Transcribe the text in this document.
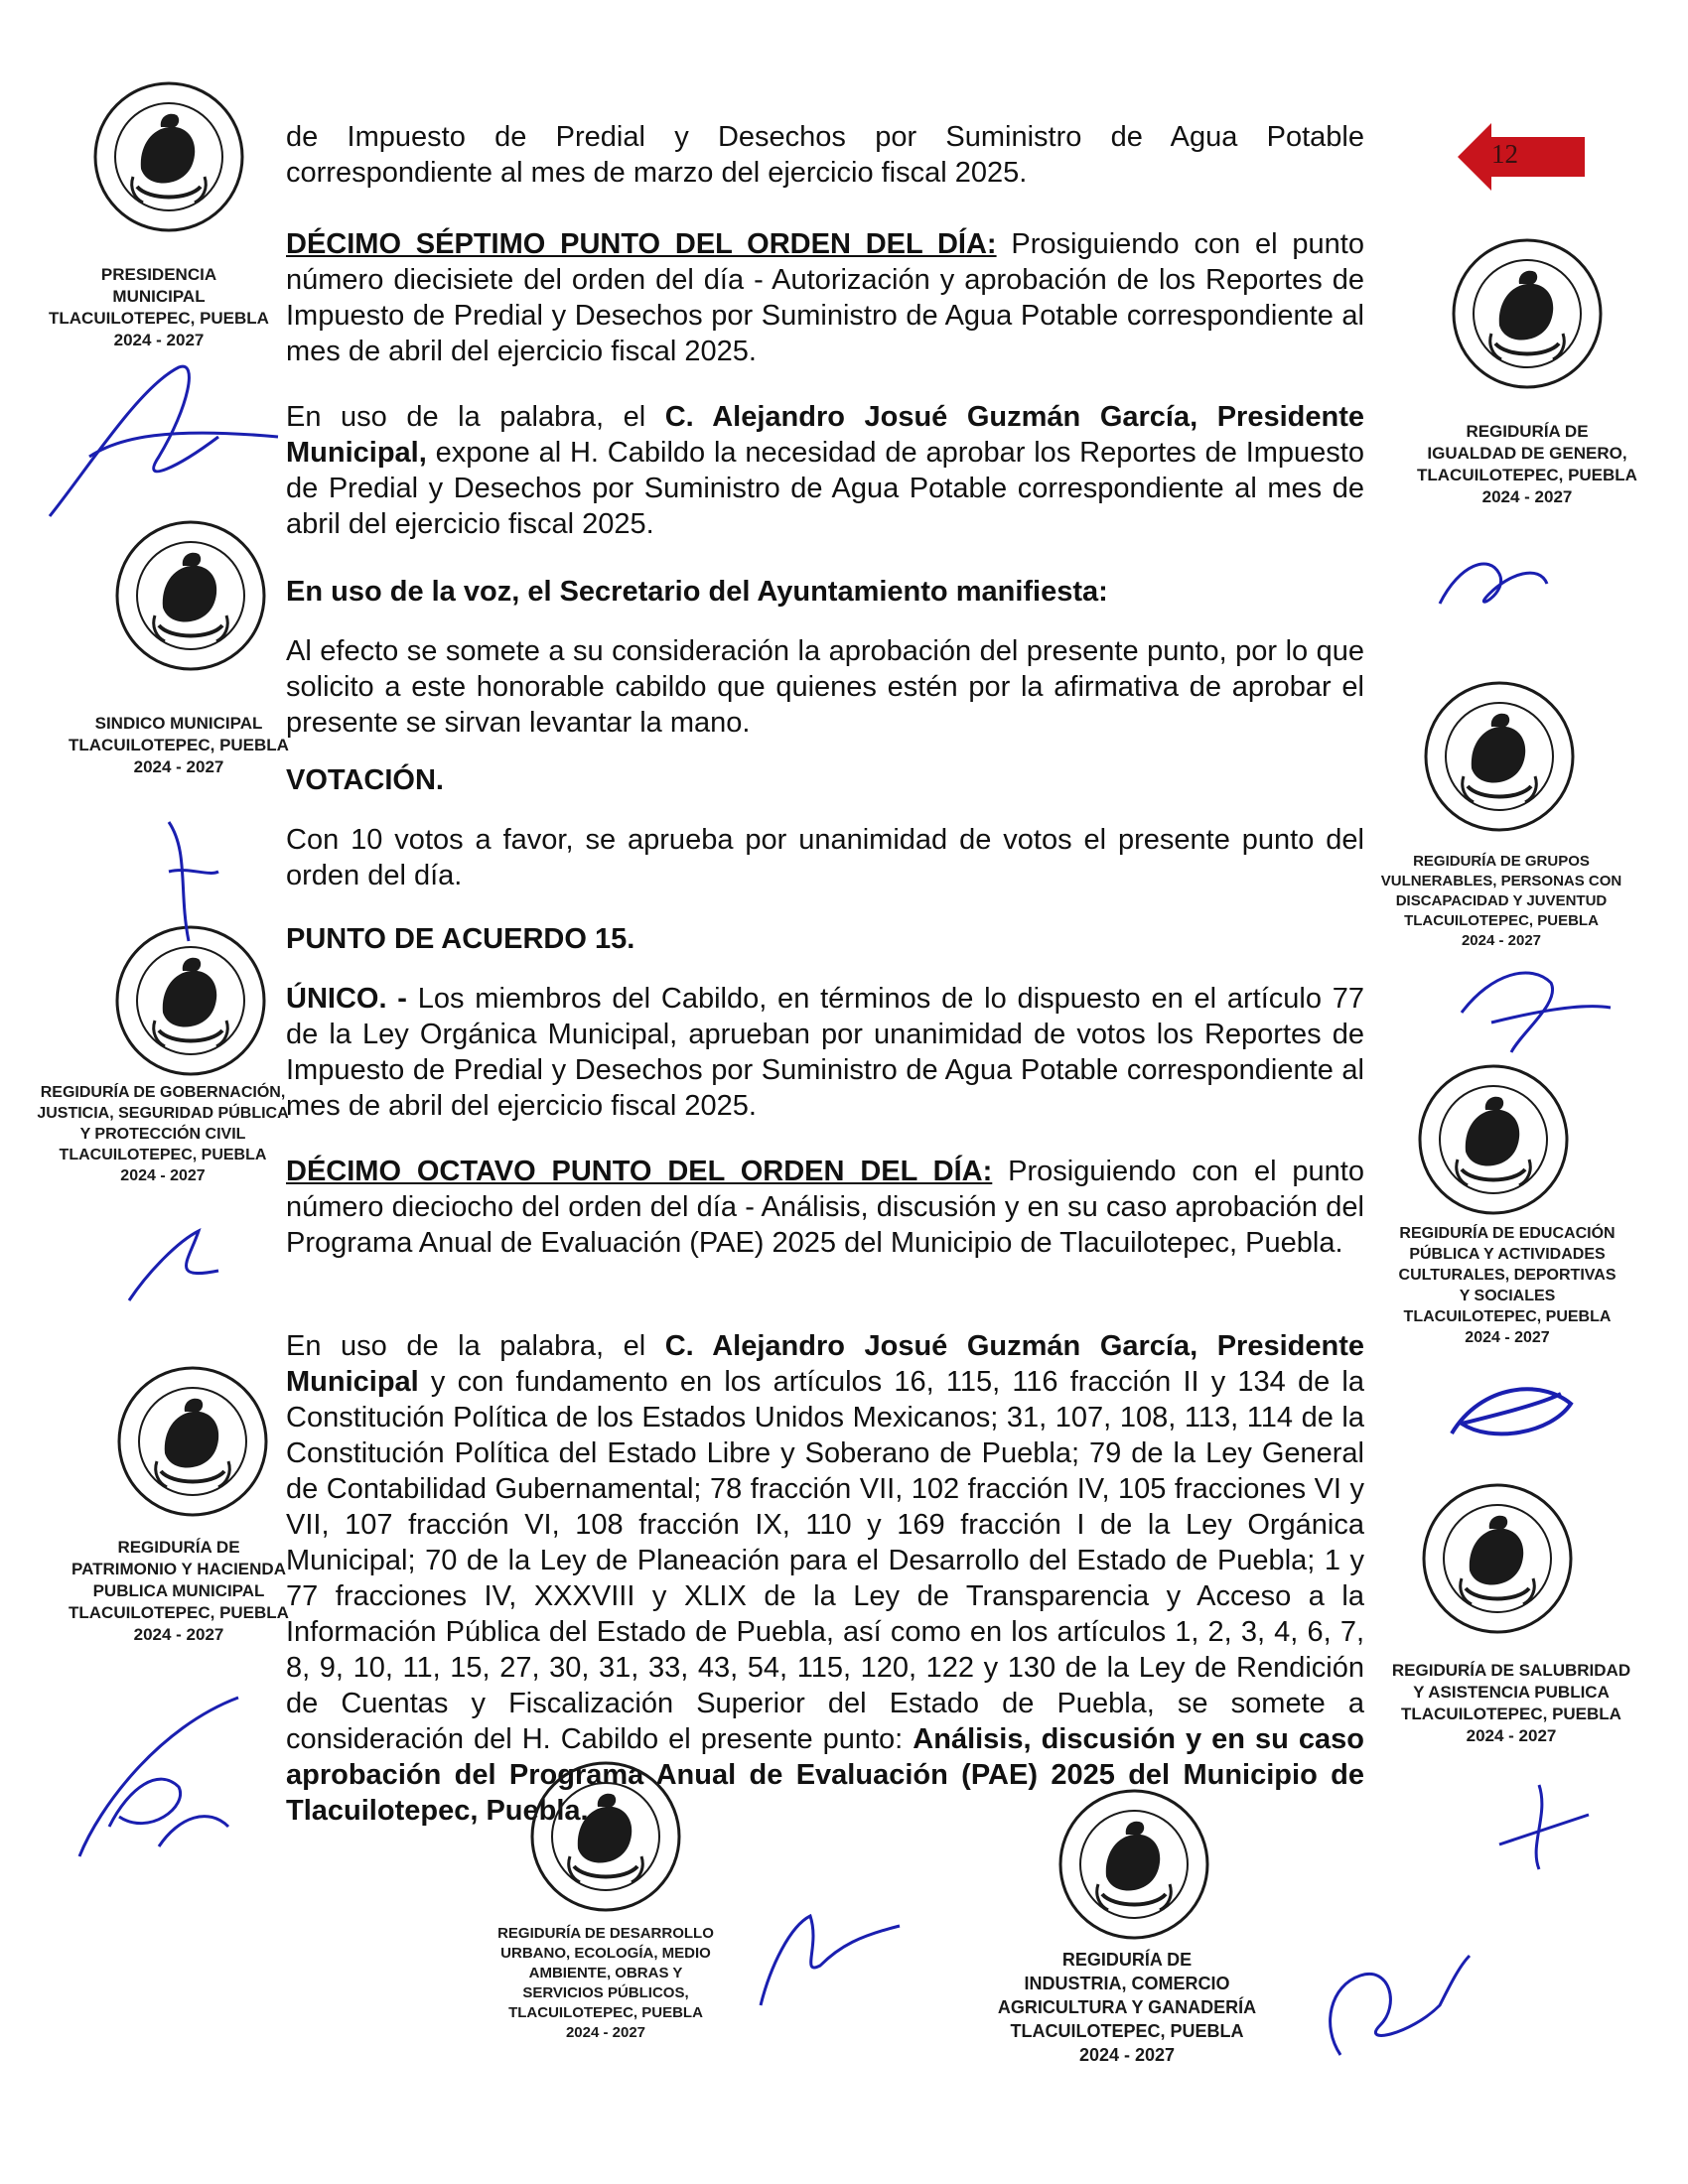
12

de Impuesto de Predial y Desechos por Suministro de Agua Potable correspondiente al mes de marzo del ejercicio fiscal 2025.

DÉCIMO SÉPTIMO PUNTO DEL ORDEN DEL DÍA: Prosiguiendo con el punto número diecisiete del orden del día - Autorización y aprobación de los Reportes de Impuesto de Predial y Desechos por Suministro de Agua Potable correspondiente al mes de abril del ejercicio fiscal 2025.

En uso de la palabra, el C. Alejandro Josué Guzmán García, Presidente Municipal, expone al H. Cabildo la necesidad de aprobar los Reportes de Impuesto de Predial y Desechos por Suministro de Agua Potable correspondiente al mes de abril del ejercicio fiscal 2025.

En uso de la voz, el Secretario del Ayuntamiento manifiesta:

Al efecto se somete a su consideración la aprobación del presente punto, por lo que solicito a este honorable cabildo que quienes estén por la afirmativa de aprobar el presente se sirvan levantar la mano.

VOTACIÓN.

Con 10 votos a favor, se aprueba por unanimidad de votos el presente punto del orden del día.

PUNTO DE ACUERDO 15.

ÚNICO. - Los miembros del Cabildo, en términos de lo dispuesto en el artículo 77 de la Ley Orgánica Municipal, aprueban por unanimidad de votos los Reportes de Impuesto de Predial y Desechos por Suministro de Agua Potable correspondiente al mes de abril del ejercicio fiscal 2025.

DÉCIMO OCTAVO PUNTO DEL ORDEN DEL DÍA: Prosiguiendo con el punto número dieciocho del orden del día - Análisis, discusión y en su caso aprobación del Programa Anual de Evaluación (PAE) 2025 del Municipio de Tlacuilotepec, Puebla.

En uso de la palabra, el C. Alejandro Josué Guzmán García, Presidente Municipal y con fundamento en los artículos 16, 115, 116 fracción II y 134 de la Constitución Política de los Estados Unidos Mexicanos; 31, 107, 108, 113, 114 de la Constitución Política del Estado Libre y Soberano de Puebla; 79 de la Ley General de Contabilidad Gubernamental; 78 fracción VII, 102 fracción IV, 105 fracciones VI y VII, 107 fracción VI, 108 fracción IX, 110 y 169 fracción I de la Ley Orgánica Municipal; 70 de la Ley de Planeación para el Desarrollo del Estado de Puebla; 1 y 77 fracciones IV, XXXVIII y XLIX de la Ley de Transparencia y Acceso a la Información Pública del Estado de Puebla, así como en los artículos 1, 2, 3, 4, 6, 7, 8, 9, 10, 11, 15, 27, 30, 31, 33, 43, 54, 115, 120, 122 y 130 de la Ley de Rendición de Cuentas y Fiscalización Superior del Estado de Puebla, se somete a consideración del H. Cabildo el presente punto: Análisis, discusión y en su caso aprobación del Programa Anual de Evaluación (PAE) 2025 del Municipio de Tlacuilotepec, Puebla.

PRESIDENCIA
MUNICIPAL
TLACUILOTEPEC, PUEBLA
2024 - 2027
REGIDURÍA DE
IGUALDAD DE GENERO,
TLACUILOTEPEC, PUEBLA
2024 - 2027
SINDICO MUNICIPAL
TLACUILOTEPEC, PUEBLA
2024 - 2027
REGIDURÍA DE GRUPOS
VULNERABLES, PERSONAS CON
DISCAPACIDAD Y JUVENTUD
TLACUILOTEPEC, PUEBLA
2024 - 2027
REGIDURÍA DE GOBERNACIÓN,
JUSTICIA, SEGURIDAD PÚBLICA
Y PROTECCIÓN CIVIL
TLACUILOTEPEC, PUEBLA
2024 - 2027
REGIDURÍA DE EDUCACIÓN
PÚBLICA Y ACTIVIDADES
CULTURALES, DEPORTIVAS
Y SOCIALES
TLACUILOTEPEC, PUEBLA
2024 - 2027
REGIDURÍA DE
PATRIMONIO Y HACIENDA
PUBLICA MUNICIPAL
TLACUILOTEPEC, PUEBLA
2024 - 2027
REGIDURÍA DE SALUBRIDAD
Y ASISTENCIA PUBLICA
TLACUILOTEPEC, PUEBLA
2024 - 2027
REGIDURÍA DE DESARROLLO
URBANO, ECOLOGÍA, MEDIO
AMBIENTE, OBRAS Y
SERVICIOS PÚBLICOS,
TLACUILOTEPEC, PUEBLA
2024 - 2027
REGIDURÍA DE
INDUSTRIA, COMERCIO
AGRICULTURA Y GANADERÍA
TLACUILOTEPEC, PUEBLA
2024 - 2027
